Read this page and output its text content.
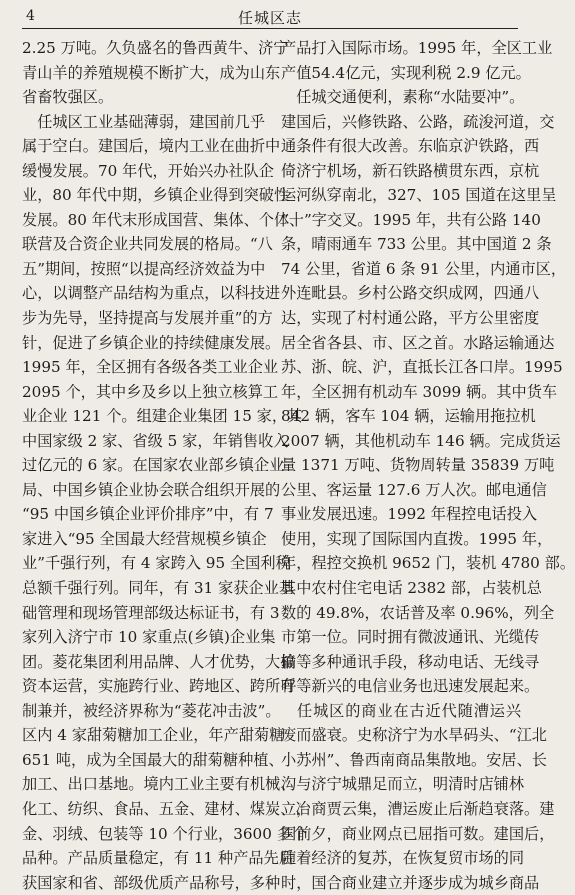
4	任城区志
2.25 万吨。久负盛名的鲁西黄牛、济宁
青山羊的养殖规模不断扩大，成为山东
省畜牧强区。
　任城区工业基础薄弱，建国前几乎
属于空白。建国后，境内工业在曲折中
缓慢发展。70 年代，开始兴办社队企
业，80 年代中期，乡镇企业得到突破性
发展。80 年代末形成国营、集体、个体、
联营及合资企业共同发展的格局。“八
五”期间，按照“以提高经济效益为中
心，以调整产品结构为重点，以科技进
步为先导，坚持提高与发展并重”的方
针，促进了乡镇企业的持续健康发展。
1995 年，全区拥有各级各类工业企业
2095 个，其中乡及乡以上独立核算工
业企业 121 个。组建企业集团 15 家，其
中国家级 2 家、省级 5 家，年销售收入
过亿元的 6 家。在国家农业部乡镇企业
局、中国乡镇企业协会联合组织开展的
“95 中国乡镇企业评价排序”中，有 7
家进入“95 全国最大经营规模乡镇企
业”千强行列，有 4 家跨入 95 全国利税
总额千强行列。同年，有 31 家获企业基
础管理和现场管理部级达标证书，有 3
家列入济宁市 10 家重点(乡镇)企业集
团。菱花集团利用品牌、人才优势，大搞
资本运营，实施跨行业、跨地区、跨所有
制兼并，被经济界称为“菱花冲击波”。
区内 4 家甜菊糖加工企业，年产甜菊糖
651 吨，成为全国最大的甜菊糖种植、
加工、出口基地。境内工业主要有机械、
化工、纺织、食品、五金、建材、煤炭、冶
金、羽绒、包装等 10 个行业，3600 多个
品种。产品质量稳定，有 11 种产品先后
获国家和省、部级优质产品称号，多种
产品打入国际市场。1995 年，全区工业
产值54.4亿元，实现利税 2.9 亿元。
　任城交通便利，素称“水陆要冲”。
建国后，兴修铁路、公路，疏浚河道，交
通条件有很大改善。东临京沪铁路，西
倚济宁机场，新石铁路横贯东西，京杭
运河纵穿南北，327、105 国道在这里呈
“十”字交叉。1995 年，共有公路 140
条，晴雨通车 733 公里。其中国道 2 条
74 公里，省道 6 条 91 公里，内通市区，
外连毗县。乡村公路交织成网，四通八
达，实现了村村通公路，平方公里密度
居全省各县、市、区之首。水路运输通达
苏、浙、皖、沪，直抵长江各口岸。1995
年，全区拥有机动车 3099 辆。其中货车
842 辆，客车 104 辆，运输用拖拉机
2007 辆，其他机动车 146 辆。完成货运
量 1371 万吨、货物周转量 35839 万吨
公里、客运量 127.6 万人次。邮电通信
事业发展迅速。1992 年程控电话投入
使用，实现了国际国内直拨。1995 年，
年，程控交换机 9652 门，装机 4780 部。
其中农村住宅电话 2382 部，占装机总
数的 49.8%，农话普及率 0.96%，列全
市第一位。同时拥有微波通讯、光缆传
输等多种通讯手段，移动电话、无线寻
呼等新兴的电信业务也迅速发展起来。
　任城区的商业在古近代随漕运兴
废而盛衰。史称济宁为水旱码头、“江北
小苏州”、鲁西南商品集散地。安居、长
沟与济宁城鼎足而立，明清时店铺林
立，商贾云集，漕运废止后渐趋衰落。建
国前夕，商业网点已屈指可数。建国后，
随着经济的复苏，在恢复贸市场的同
时，国合商业建立并逐步成为城乡商品
